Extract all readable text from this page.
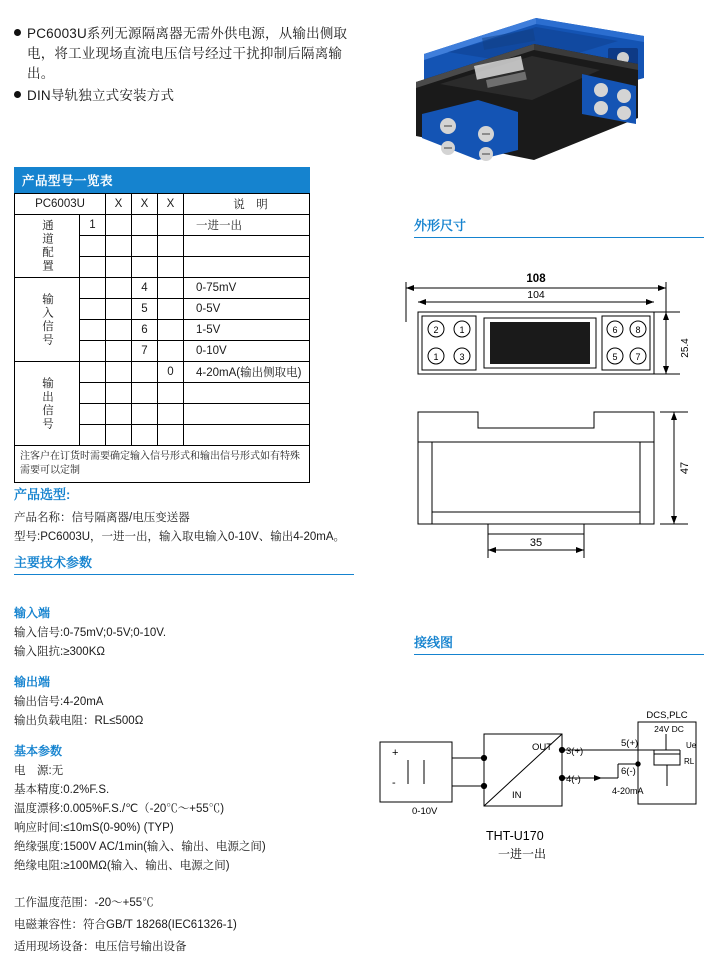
PC6003U系列无源隔离器无需外供电源，从输出侧取电，将工业现场直流电压信号经过干扰抑制后隔离输出。
DIN导轨独立式安装方式
产品型号一览表
PC6003U		X	X	X	说　明

通道配置	1				一进一出

输入信号			4		0-75mV
			5		0-5V
			6		1-5V
			7		0-10V

输出信号				0	4-20mA(输出侧取电)

注客户在订货时需要确定输入信号形式和输出信号形式如有特殊需要可以定制
产品选型:
产品名称：信号隔离器/电压变送器
型号:PC6003U，一进一出，输入取电输入0-10V、输出4-20mA。
主要技术参数
输入端
输入信号:0-75mV;0-5V;0-10V.
输入阻抗:≥300KΩ
输出端
输出信号:4-20mA
输出负载电阻：RL≤500Ω
基本参数
电　源:无
基本精度:0.2%F.S.
温度漂移:0.005%F.S./℃（-20℃～+55℃)
响应时间:≤10mS(0-90%) (TYP)
绝缘强度:1500V AC/1min(输入、输出、电源之间)
绝缘电阻:≥100MΩ(输入、输出、电源之间)
工作温度范围：-20～+55℃
电磁兼容性：符合GB/T 18268(IEC61326-1)
适用现场设备：电压信号输出设备
外形尺寸
108
104
25.4
47
35
2 1
1 3
6 8
5 7
接线图
0-10V
+
-
IN
OUT 3(+)
4(-)
5(+)
6(-)
4-20mA
DCS,PLC
24V DC
Ue
RL
THT-U170
一进一出
